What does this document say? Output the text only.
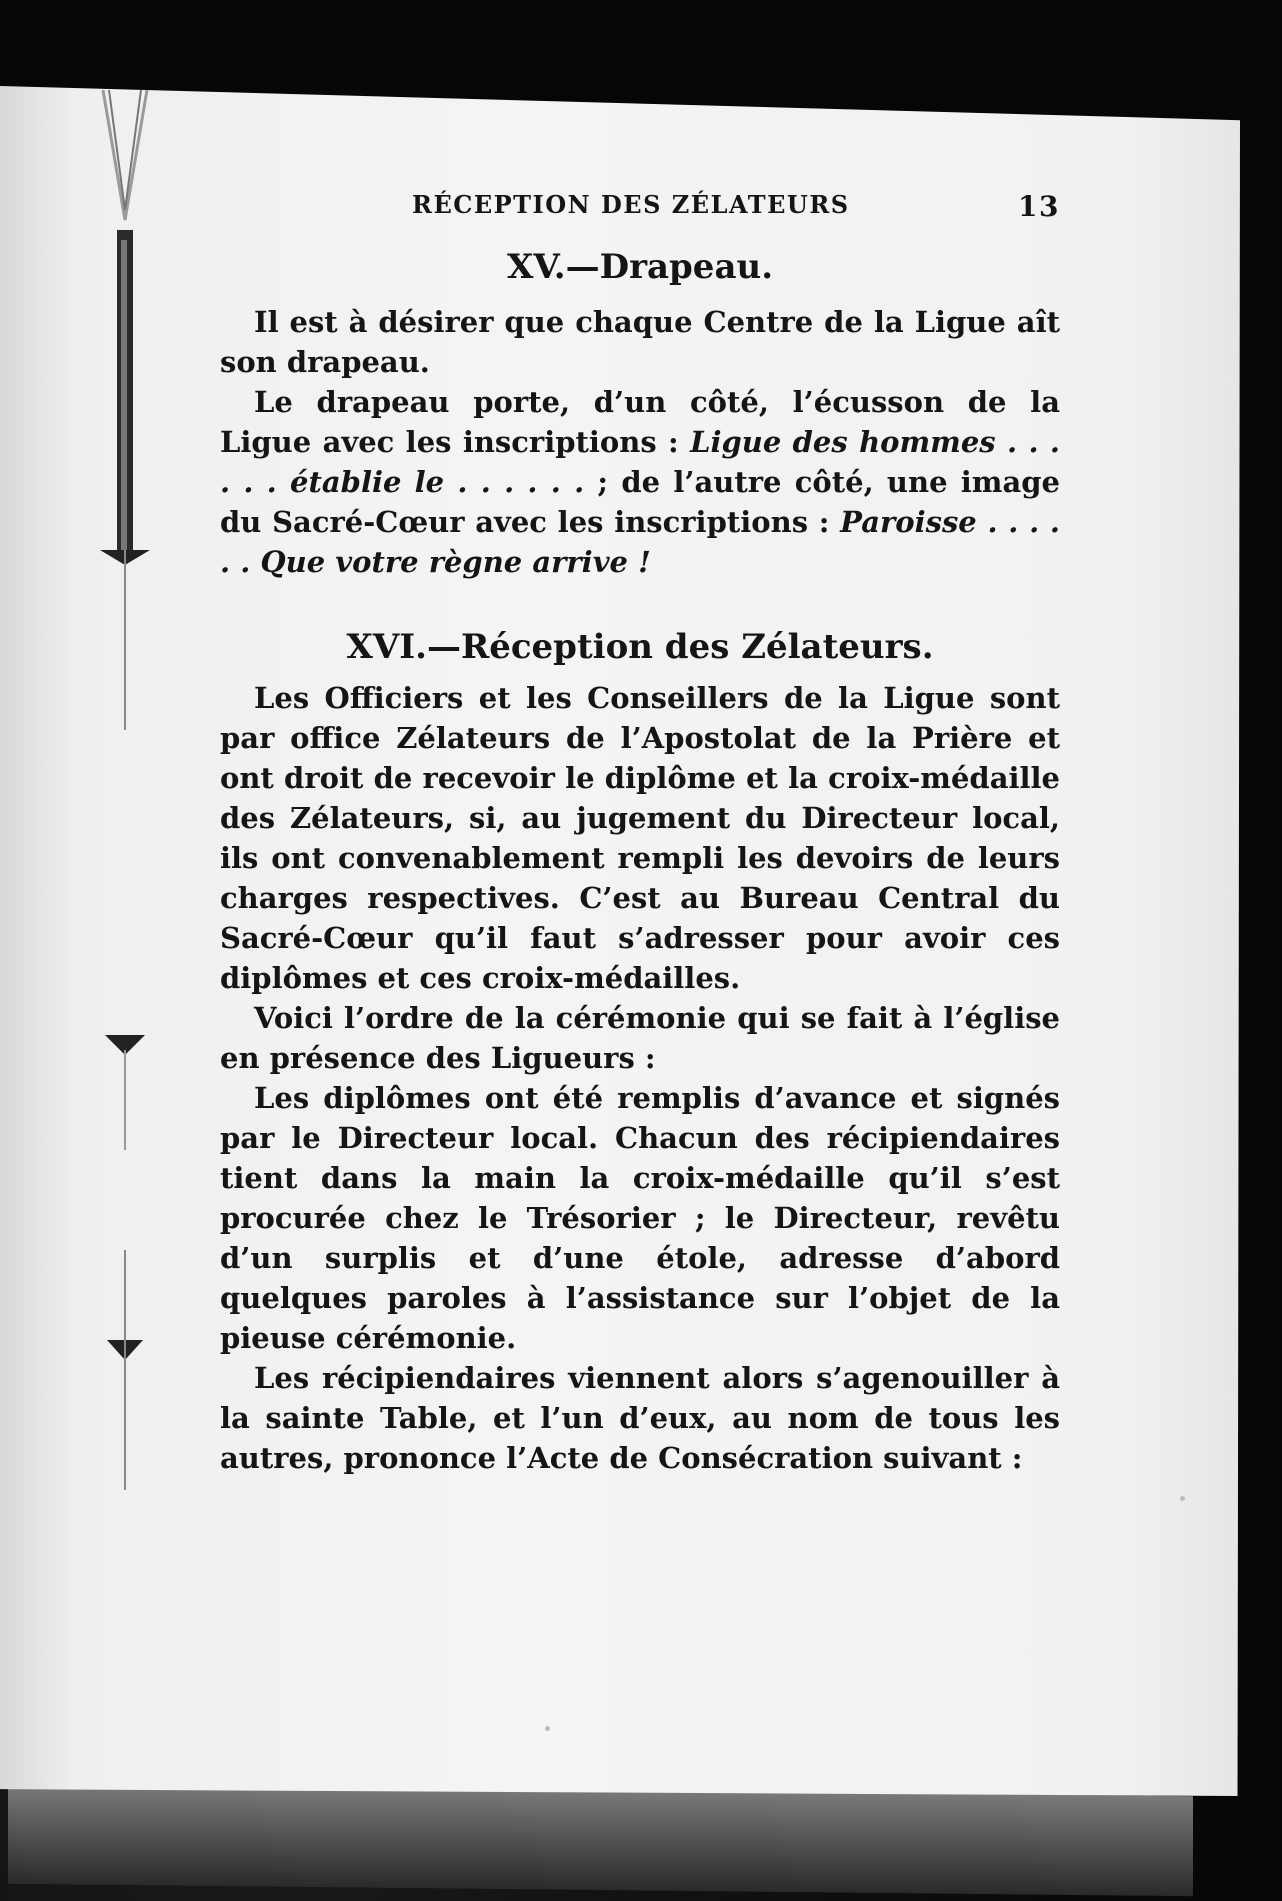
RÉCEPTION DES ZÉLATEURS	13
XV.—Drapeau.

Il est à désirer que chaque Centre de la Ligue aît son drapeau.

Le drapeau porte, d’un côté, l’écusson de la Ligue avec les inscriptions : Ligue des hommes . . . . . . établie le . . . . . . ; de l’autre côté, une image du Sacré-Cœur avec les inscriptions : Paroisse . . . . . . Que votre règne arrive !

XVI.—Réception des Zélateurs.

Les Officiers et les Conseillers de la Ligue sont par office Zélateurs de l’Apostolat de la Prière et ont droit de recevoir le diplôme et la croix-médaille des Zélateurs, si, au jugement du Directeur local, ils ont convenablement rempli les devoirs de leurs charges respectives. C’est au Bureau Central du Sacré-Cœur qu’il faut s’adresser pour avoir ces diplômes et ces croix-médailles.

Voici l’ordre de la cérémonie qui se fait à l’église en présence des Ligueurs :

Les diplômes ont été remplis d’avance et signés par le Directeur local. Chacun des récipiendaires tient dans la main la croix-médaille qu’il s’est procurée chez le Trésorier ; le Directeur, revêtu d’un surplis et d’une étole, adresse d’abord quelques paroles à l’assistance sur l’objet de la pieuse cérémonie.

Les récipiendaires viennent alors s’agenouiller à la sainte Table, et l’un d’eux, au nom de tous les autres, prononce l’Acte de Consécration suivant :
